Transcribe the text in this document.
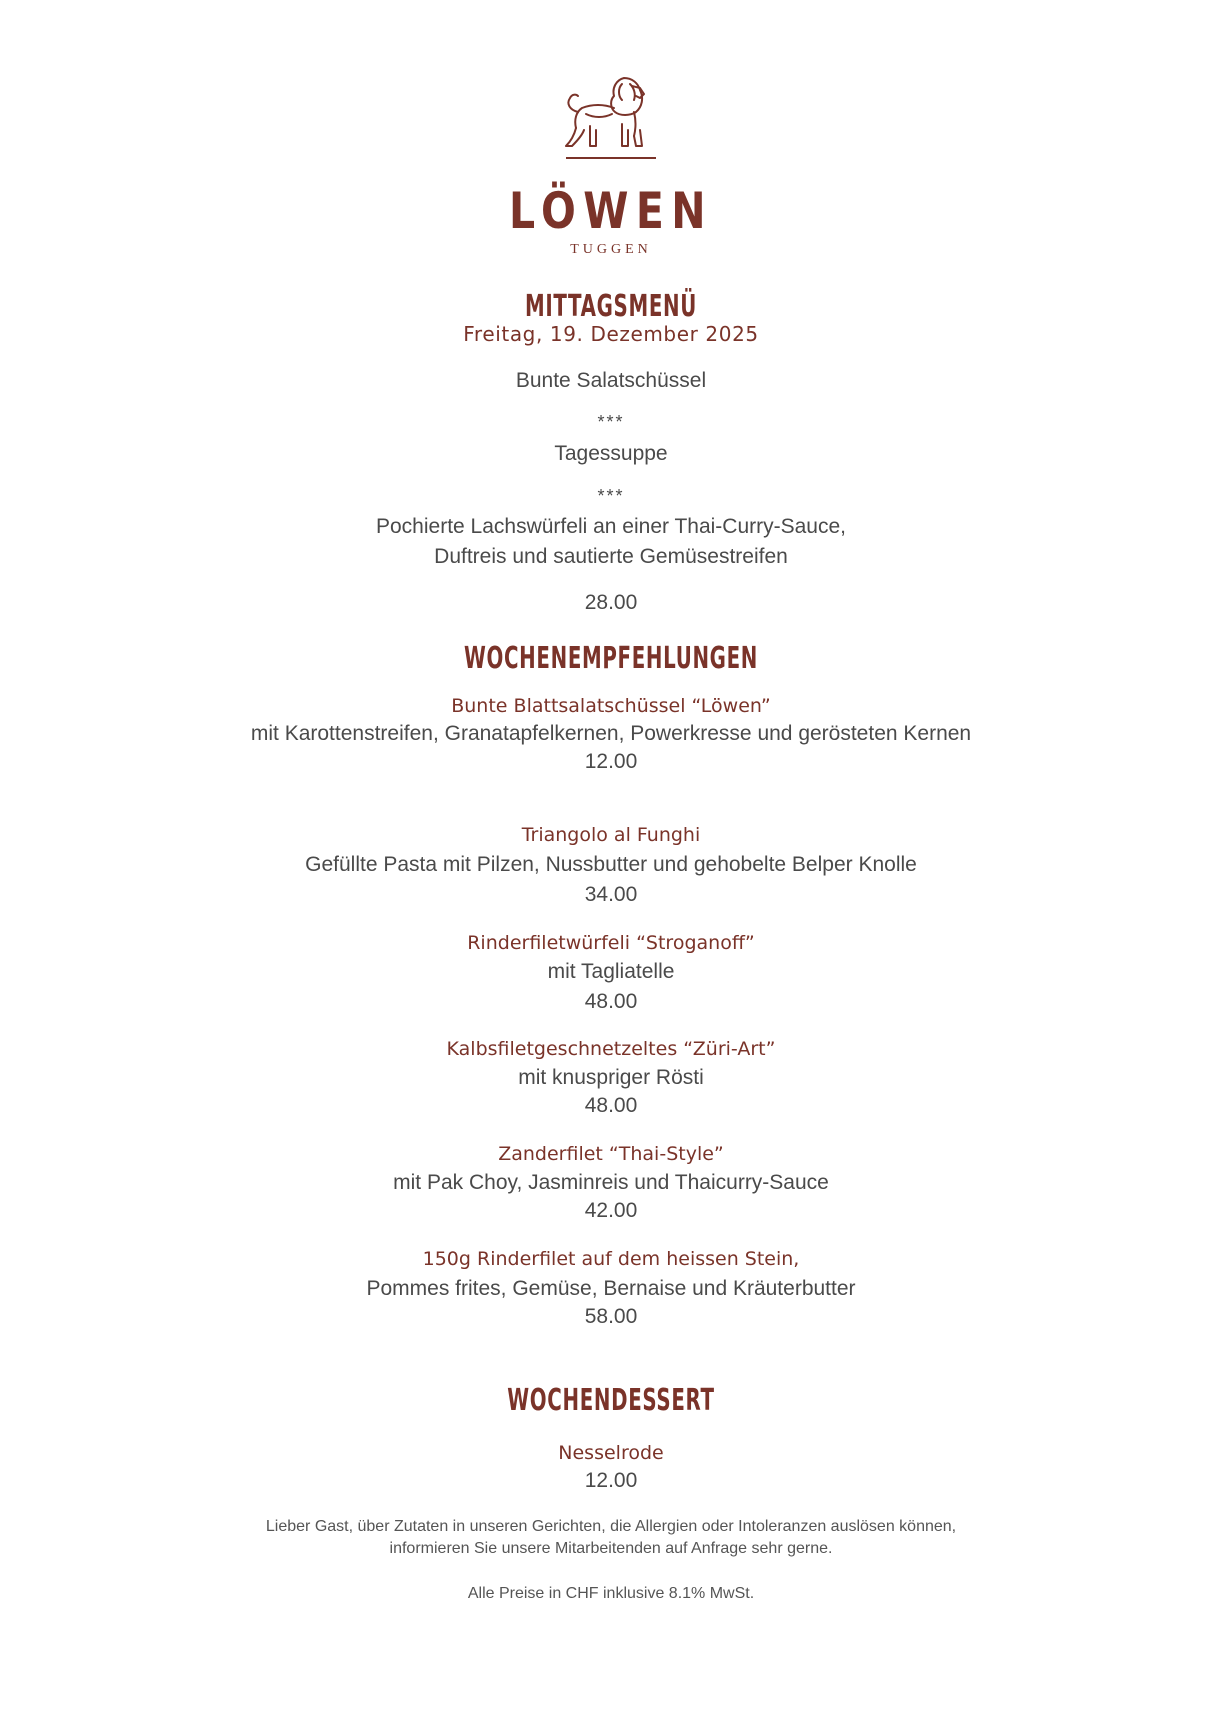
LÖWEN
TUGGEN
MITTAGSMENÜ
Freitag, 19. Dezember 2025
Bunte Salatschüssel
***
Tagessuppe
***
Pochierte Lachswürfeli an einer Thai-Curry-Sauce,
Duftreis und sautierte Gemüsestreifen
28.00
WOCHENEMPFEHLUNGEN
Bunte Blattsalatschüssel “Löwen”
mit Karottenstreifen, Granatapfelkernen, Powerkresse und gerösteten Kernen
12.00
Triangolo al Funghi
Gefüllte Pasta mit Pilzen, Nussbutter und gehobelte Belper Knolle
34.00
Rinderfiletwürfeli “Stroganoff”
mit Tagliatelle
48.00
Kalbsfiletgeschnetzeltes “Züri-Art”
mit knuspriger Rösti
48.00
Zanderfilet “Thai-Style”
mit Pak Choy, Jasminreis und Thaicurry-Sauce
42.00
150g Rinderfilet auf dem heissen Stein,
Pommes frites, Gemüse, Bernaise und Kräuterbutter
58.00
WOCHENDESSERT
Nesselrode
12.00
Lieber Gast, über Zutaten in unseren Gerichten, die Allergien oder Intoleranzen auslösen können,
informieren Sie unsere Mitarbeitenden auf Anfrage sehr gerne.
Alle Preise in CHF inklusive 8.1% MwSt.
